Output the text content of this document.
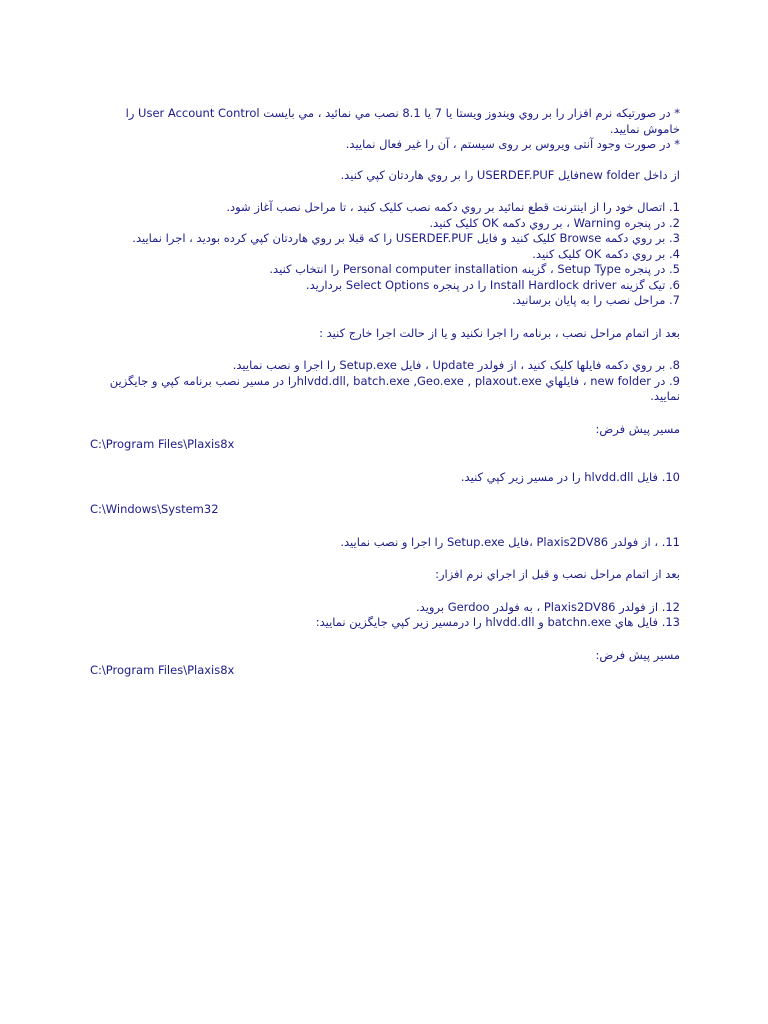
* در صورتيکه نرم افزار را بر روي ويندوز ويستا يا 7 يا 8.1 نصب مي نمائيد ، مي بايست User Account Control را خاموش نماييد.

* در صورت وجود آنتی ويروس بر روی سيستم ، آن را غير فعال نماييد.

از داخل new folderفايل USERDEF.PUF را بر روي هاردتان کپي کنيد.

1. اتصال خود را از اينترنت قطع نمائيد بر روي دکمه نصب کليک کنيد ، تا مراحل نصب آغاز شود.

2. در پنجره Warning ، بر روي دکمه OK کليک کنيد.

3. بر روي دکمه Browse کليک کنيد و فايل USERDEF.PUF را که قبلا بر روي هاردتان کپي کرده بوديد ، اجرا نماييد.

4. بر روي دکمه OK کليک کنيد.

5. در پنجره Setup Type ، گزينه Personal computer installation را انتخاب کنيد.

6. تيک گزينه Install Hardlock driver را در پنجره Select Options برداريد.

7. مراحل نصب را به پايان برسانيد.

بعد از اتمام مراحل نصب ، برنامه را اجرا نکنيد و يا از حالت اجرا خارج کنيد :

8. بر روي دکمه فايلها کليک کنيد ، از فولدر Update ، فايل Setup.exe را اجرا و نصب نماييد.

9. در new folder ، فايلهاي hlvdd.dll, batch.exe ,Geo.exe , plaxout.exeرا در مسير نصب برنامه کپي و جايگزين نماييد.

مسير پيش فرض:

C:\Program Files\Plaxis8x

10. فايل hlvdd.dll را در مسير زير کپي کنيد.

C:\Windows\System32

11. ، از فولدر Plaxis2DV86 ،فايل Setup.exe را اجرا و نصب نماييد.

بعد از اتمام مراحل نصب و قبل از اجراي نرم افزار:

12. از فولدر Plaxis2DV86 ، به فولدر Gerdoo برويد.

13. فايل هاي batchn.exe و hlvdd.dll را درمسير زير کپي جايگزين نماييد:

مسير پيش فرض:

C:\Program Files\Plaxis8x
